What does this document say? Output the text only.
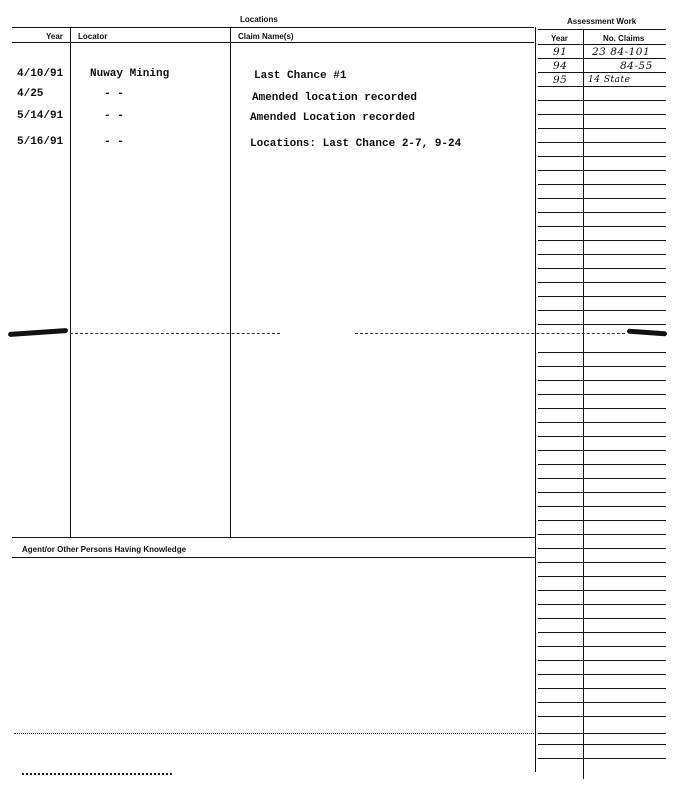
Locations	Assessment Work
Year Locator	Claim Name(s)	Year	No. Claims
Agent/or Other Persons Having Knowledge
4/10/91 Nuway Mining	Last Chance #1
4/25	- -	Amended location recorded
5/14/91	- -	Amended Location recorded
5/16/91	- -	Locations: Last Chance 2-7, 9-24
91 23 84-101
94	84-55
95 14 State
